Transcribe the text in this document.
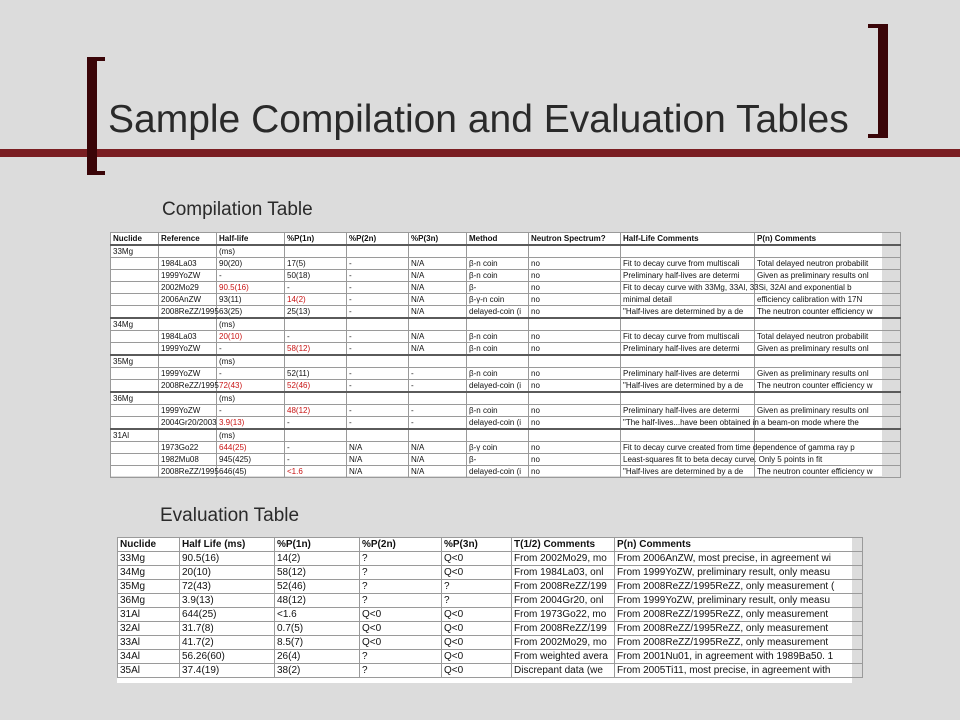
Sample Compilation and Evaluation Tables
Compilation Table
Nuclide	Reference	Half-life	%P(1n)	%P(2n)	%P(3n)	Method	Neutron Spectrum?	Half-Life Comments	P(n) Comments
33Mg		(ms)							
	1984La03	90(20)	17(5)	-	N/A	β-n coin	no	Fit to decay curve from multiscali	Total delayed neutron probabilit
	1999YoZW	-	50(18)	-	N/A	β-n coin	no	Preliminary half-lives are determi	Given as preliminary results onl
	2002Mo29	90.5(16)	-	-	N/A	β-	no	Fit to decay curve with 33Mg, 33Al, 33Si, 32Al and exponential b	
	2006AnZW	93(11)	14(2)	-	N/A	β-γ-n coin	no	minimal detail	efficiency calibration with 17N
	2008ReZZ/1995	63(25)	25(13)	-	N/A	delayed-coin (i	no	"Half-lives are determined by a de	The neutron counter efficiency w
34Mg		(ms)							
	1984La03	20(10)	-	-	N/A	β-n coin	no	Fit to decay curve from multiscali	Total delayed neutron probabilit
	1999YoZW	-	58(12)	-	N/A	β-n coin	no	Preliminary half-lives are determi	Given as preliminary results onl
35Mg		(ms)							
	1999YoZW	-	52(11)	-	-	β-n coin	no	Preliminary half-lives are determi	Given as preliminary results onl
	2008ReZZ/1995	72(43)	52(46)	-	-	delayed-coin (i	no	"Half-lives are determined by a de	The neutron counter efficiency w
36Mg		(ms)							
	1999YoZW	-	48(12)	-	-	β-n coin	no	Preliminary half-lives are determi	Given as preliminary results onl
	2004Gr20/2003	3.9(13)	-	-	-	delayed-coin (i	no	"The half-lives...have been obtained in a beam-on mode where the	
31Al		(ms)							
	1973Go22	644(25)	-	N/A	N/A	β-γ coin	no	Fit to decay curve created from time dependence of gamma ray p	
	1982Mu08	945(425)	-	N/A	N/A	β-	no	Least-squares fit to beta decay curve. Only 5 points in fit	
	2008ReZZ/1995	646(45)	<1.6	N/A	N/A	delayed-coin (i	no	"Half-lives are determined by a de	The neutron counter efficiency w
Evaluation Table
Nuclide	Half Life (ms)	%P(1n)	%P(2n)	%P(3n)	T(1/2) Comments	P(n) Comments
33Mg	90.5(16)	14(2)	?	Q<0	From 2002Mo29, mo	From 2006AnZW, most precise, in agreement wi
34Mg	20(10)	58(12)	?	Q<0	From 1984La03, onl	From 1999YoZW, preliminary result, only measu
35Mg	72(43)	52(46)	?	?	From 2008ReZZ/199	From 2008ReZZ/1995ReZZ, only measurement (
36Mg	3.9(13)	48(12)	?	?	From 2004Gr20, onl	From 1999YoZW, preliminary result, only measu
31Al	644(25)	<1.6	Q<0	Q<0	From 1973Go22, mo	From 2008ReZZ/1995ReZZ, only measurement
32Al	31.7(8)	0.7(5)	Q<0	Q<0	From 2008ReZZ/199	From 2008ReZZ/1995ReZZ, only measurement
33Al	41.7(2)	8.5(7)	Q<0	Q<0	From 2002Mo29, mo	From 2008ReZZ/1995ReZZ, only measurement
34Al	56.26(60)	26(4)	?	Q<0	From weighted avera	From 2001Nu01, in agreement with 1989Ba50. 1
35Al	37.4(19)	38(2)	?	Q<0	Discrepant data (we	From 2005Ti11, most precise, in agreement with
